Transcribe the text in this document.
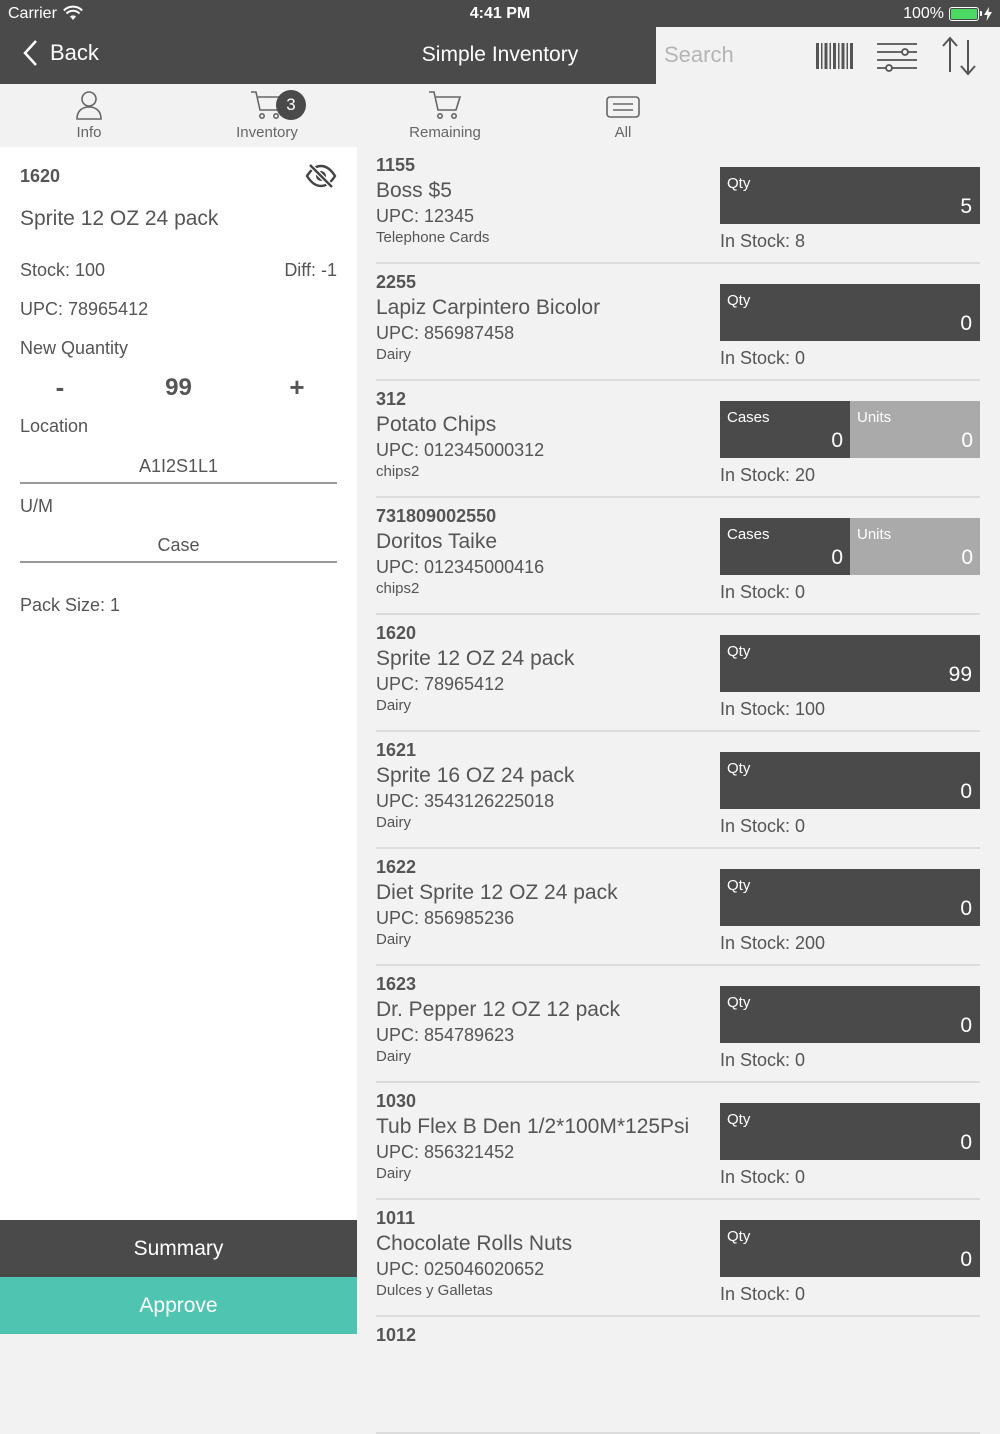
Carrier	4:41 PM	100%
Back	Simple Inventory
Search
Info
3
Inventory	Remaining	All
1620
Sprite 12 OZ 24 pack
Stock: 100	Diff: -1
UPC: 78965412
New Quantity
-	99	+
Location
A1I2S1L1
U/M
Case
Pack Size: 1
Summary
Approve
1155
Boss $5
UPC: 12345
Telephone Cards
Qty
5
In Stock: 8
2255
Lapiz Carpintero Bicolor
UPC: 856987458
Dairy
Qty
0
In Stock: 0
312
Potato Chips
UPC: 012345000312
chips2
Cases
0
Units
0
In Stock: 20
731809002550
Doritos Taike
UPC: 012345000416
chips2
Cases
0
Units
0
In Stock: 0
1620
Sprite 12 OZ 24 pack
UPC: 78965412
Dairy
Qty
99
In Stock: 100
1621
Sprite 16 OZ 24 pack
UPC: 3543126225018
Dairy
Qty
0
In Stock: 0
1622
Diet Sprite 12 OZ 24 pack
UPC: 856985236
Dairy
Qty
0
In Stock: 200
1623
Dr. Pepper 12 OZ 12 pack
UPC: 854789623
Dairy
Qty
0
In Stock: 0
1030
Tub Flex B Den 1/2*100M*125Psi
UPC: 856321452
Dairy
Qty
0
In Stock: 0
1011
Chocolate Rolls Nuts
UPC: 025046020652
Dulces y Galletas
Qty
0
In Stock: 0
1012
